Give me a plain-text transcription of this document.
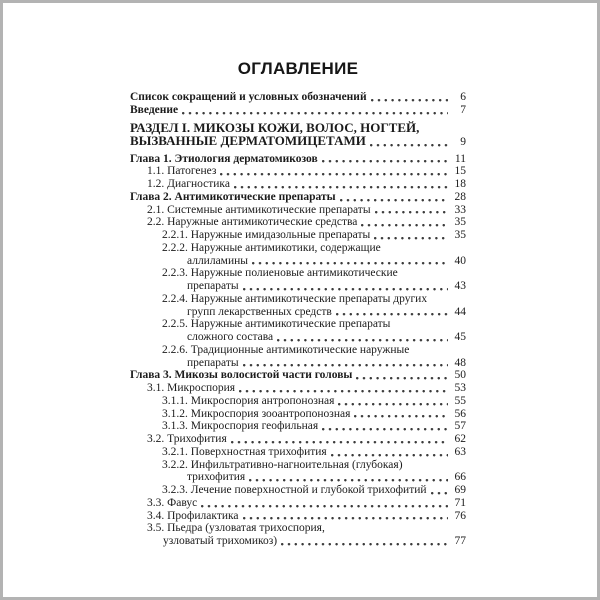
ОГЛАВЛЕНИЕ
Список сокращений и условных обозначений	6
Введение	7
РАЗДЕЛ I. МИКОЗЫ КОЖИ, ВОЛОС, НОГТЕЙ,
ВЫЗВАННЫЕ ДЕРМАТОМИЦЕТАМИ	9
Глава 1. Этиология дерматомикозов	11
1.1. Патогенез	15
1.2. Диагностика	18
Глава 2. Антимикотические препараты	28
2.1. Системные антимикотические препараты	33
2.2. Наружные антимикотические средства	35
2.2.1. Наружные имидазольные препараты	35
2.2.2. Наружные антимикотики, содержащие
аллиламины	40
2.2.3. Наружные полиеновые антимикотические
препараты	43
2.2.4. Наружные антимикотические препараты других
групп лекарственных средств	44
2.2.5. Наружные антимикотические препараты
сложного состава	45
2.2.6. Традиционные антимикотические наружные
препараты	48
Глава 3. Микозы волосистой части головы	50
3.1. Микроспория	53
3.1.1. Микроспория антропонозная	55
3.1.2. Микроспория зооантропонозная	56
3.1.3. Микроспория геофильная	57
3.2. Трихофития	62
3.2.1. Поверхностная трихофития	63
3.2.2. Инфильтративно-нагноительная (глубокая)
трихофития	66
3.2.3. Лечение поверхностной и глубокой трихофитий 69
3.3. Фавус	71
3.4. Профилактика	76
3.5. Пьедра (узловатая трихоспория,
узловатый трихомикоз)	77
